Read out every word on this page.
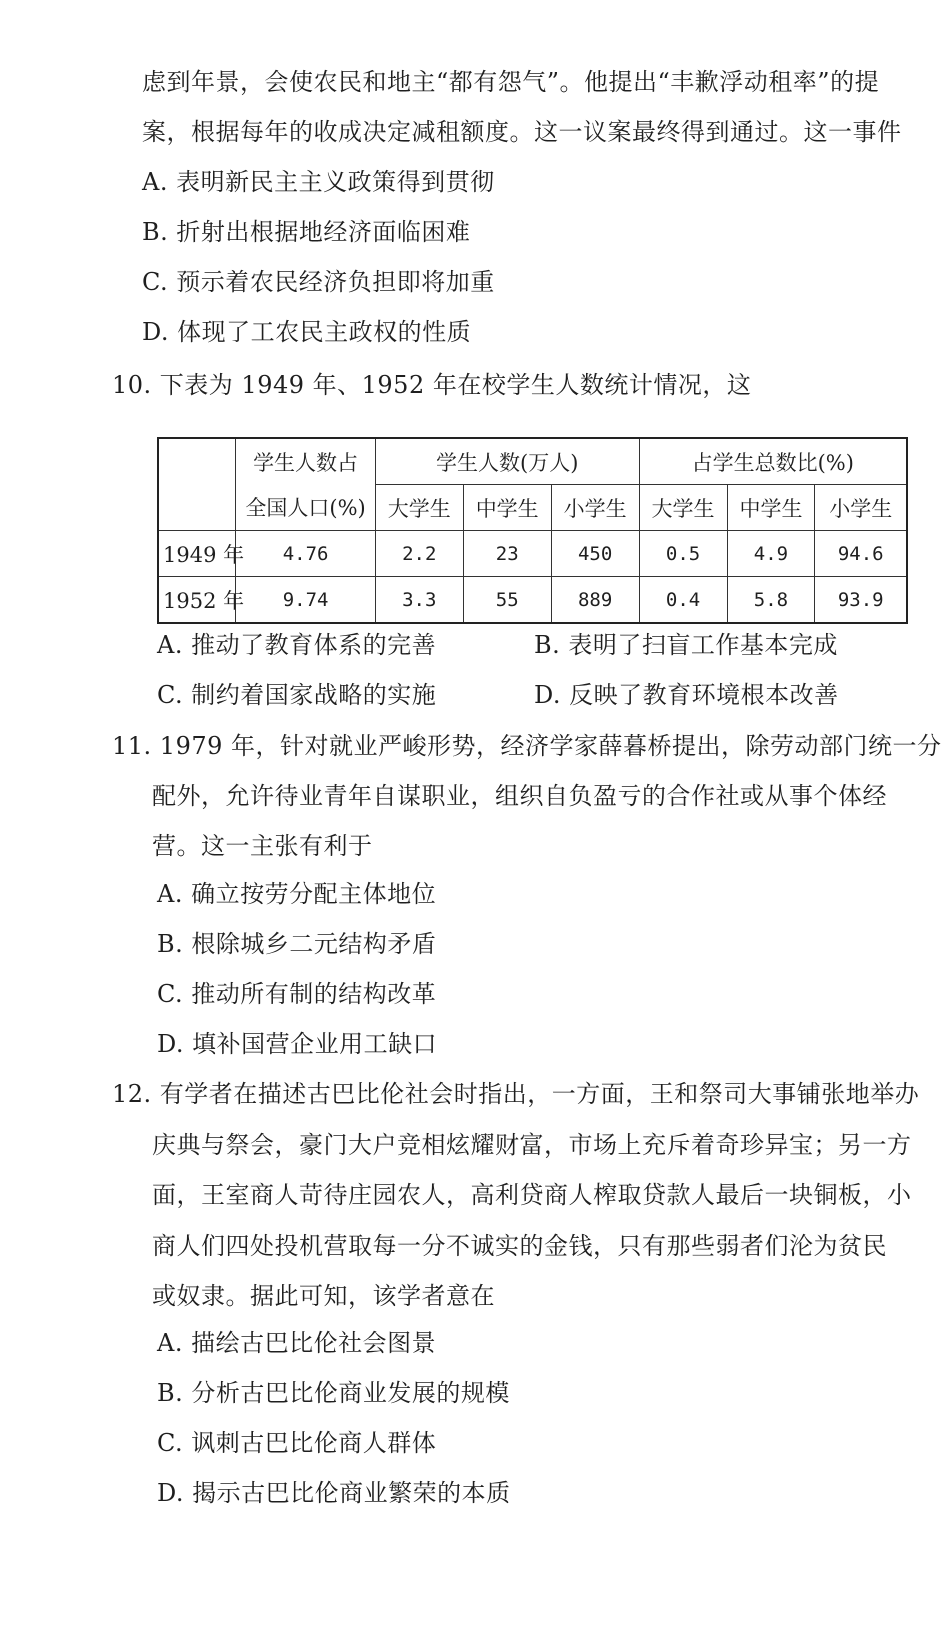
虑到年景，会使农民和地主“都有怨气”。他提出“丰歉浮动租率”的提
案，根据每年的收成决定减租额度。这一议案最终得到通过。这一事件
A. 表明新民主主义政策得到贯彻
B. 折射出根据地经济面临困难
C. 预示着农民经济负担即将加重
D. 体现了工农民主政权的性质
10. 下表为 1949 年、1952 年在校学生人数统计情况，这
	学生人数占	学生人数(万人)			占学生总数比(%)		
	全国人口(%)	大学生	中学生	小学生	大学生	中学生	小学生
1949 年	4.76	2.2	23	450	0.5	4.9	94.6
1952 年	9.74	3.3	55	889	0.4	5.8	93.9
A. 推动了教育体系的完善	B. 表明了扫盲工作基本完成
C. 制约着国家战略的实施	D. 反映了教育环境根本改善
11. 1979 年，针对就业严峻形势，经济学家薛暮桥提出，除劳动部门统一分
配外，允许待业青年自谋职业，组织自负盈亏的合作社或从事个体经
营。这一主张有利于
A. 确立按劳分配主体地位
B. 根除城乡二元结构矛盾
C. 推动所有制的结构改革
D. 填补国营企业用工缺口
12. 有学者在描述古巴比伦社会时指出，一方面，王和祭司大事铺张地举办
庆典与祭会，豪门大户竞相炫耀财富，市场上充斥着奇珍异宝；另一方
面，王室商人苛待庄园农人，高利贷商人榨取贷款人最后一块铜板，小
商人们四处投机营取每一分不诚实的金钱，只有那些弱者们沦为贫民
或奴隶。据此可知，该学者意在
A. 描绘古巴比伦社会图景
B. 分析古巴比伦商业发展的规模
C. 讽刺古巴比伦商人群体
D. 揭示古巴比伦商业繁荣的本质
